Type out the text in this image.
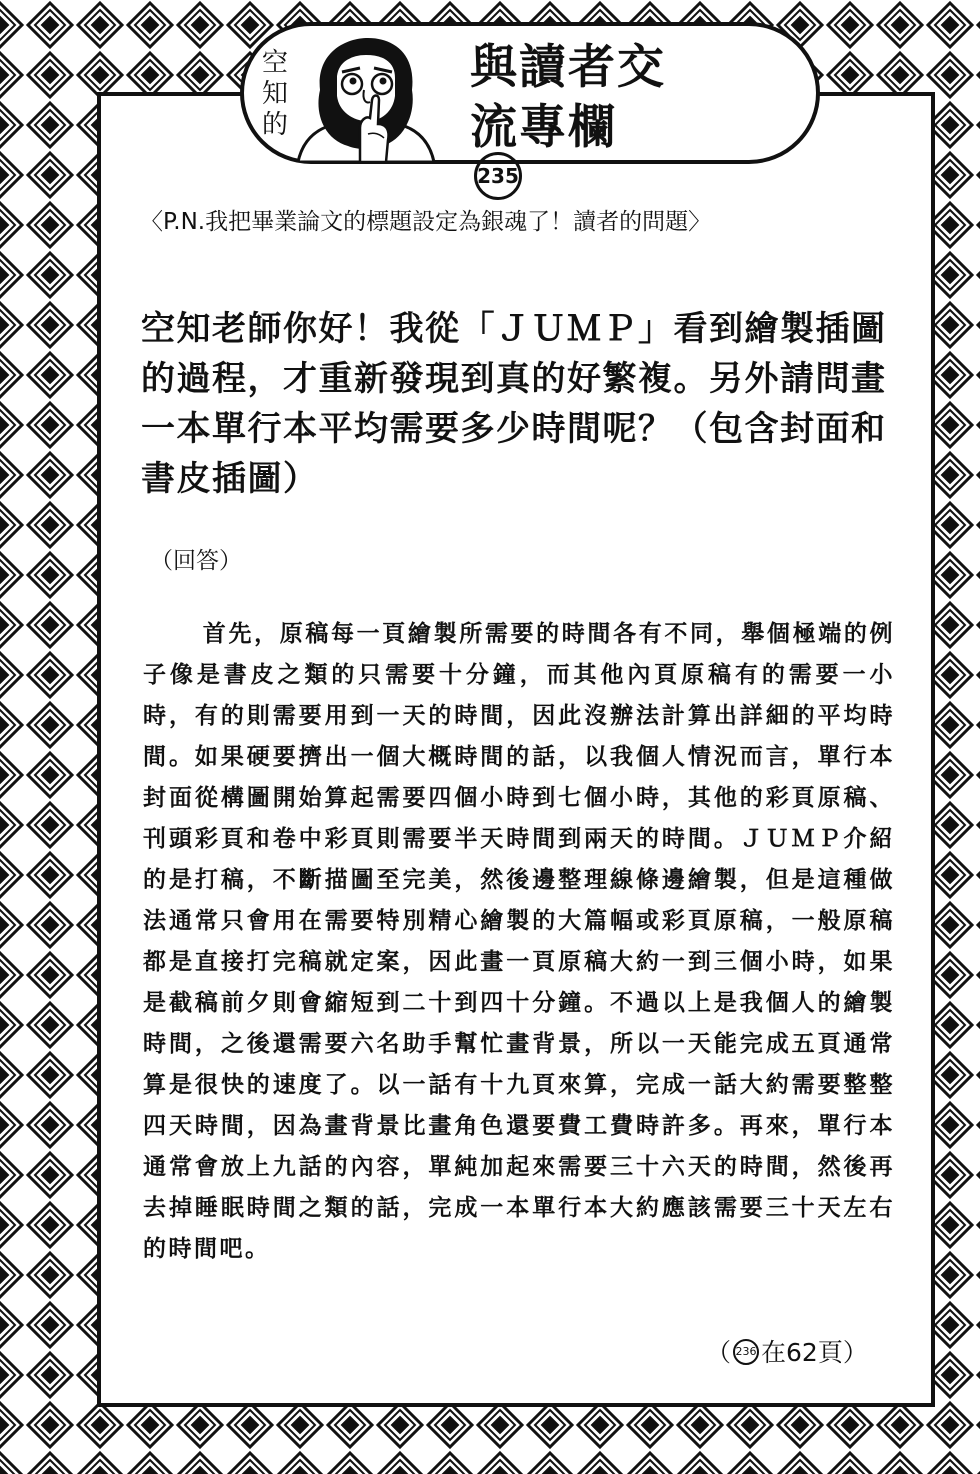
空
知
的
與讀者交
流專欄
235
〈P.N.我把畢業論文的標題設定為銀魂了！讀者的問題〉
空知老師你好！我從「ＪＵＭＰ」看到繪製插圖的過程，才重新發現到真的好繁複。另外請問畫一本單行本平均需要多少時間呢？（包含封面和書皮插圖）
（回答）
首先，原稿每一頁繪製所需要的時間各有不同，舉個極端的例子像是書皮之類的只需要十分鐘，而其他內頁原稿有的需要一小時，有的則需要用到一天的時間，因此沒辦法計算出詳細的平均時間。如果硬要擠出一個大概時間的話，以我個人情況而言，單行本封面從構圖開始算起需要四個小時到七個小時，其他的彩頁原稿、刊頭彩頁和卷中彩頁則需要半天時間到兩天的時間。ＪＵＭＰ介紹的是打稿，不斷描圖至完美，然後邊整理線條邊繪製，但是這種做法通常只會用在需要特別精心繪製的大篇幅或彩頁原稿，一般原稿都是直接打完稿就定案，因此畫一頁原稿大約一到三個小時，如果是截稿前夕則會縮短到二十到四十分鐘。不過以上是我個人的繪製時間，之後還需要六名助手幫忙畫背景，所以一天能完成五頁通常算是很快的速度了。以一話有十九頁來算，完成一話大約需要整整四天時間，因為畫背景比畫角色還要費工費時許多。再來，單行本通常會放上九話的內容，單純加起來需要三十六天的時間，然後再去掉睡眠時間之類的話，完成一本單行本大約應該需要三十天左右的時間吧。
（ 236 在62頁）
